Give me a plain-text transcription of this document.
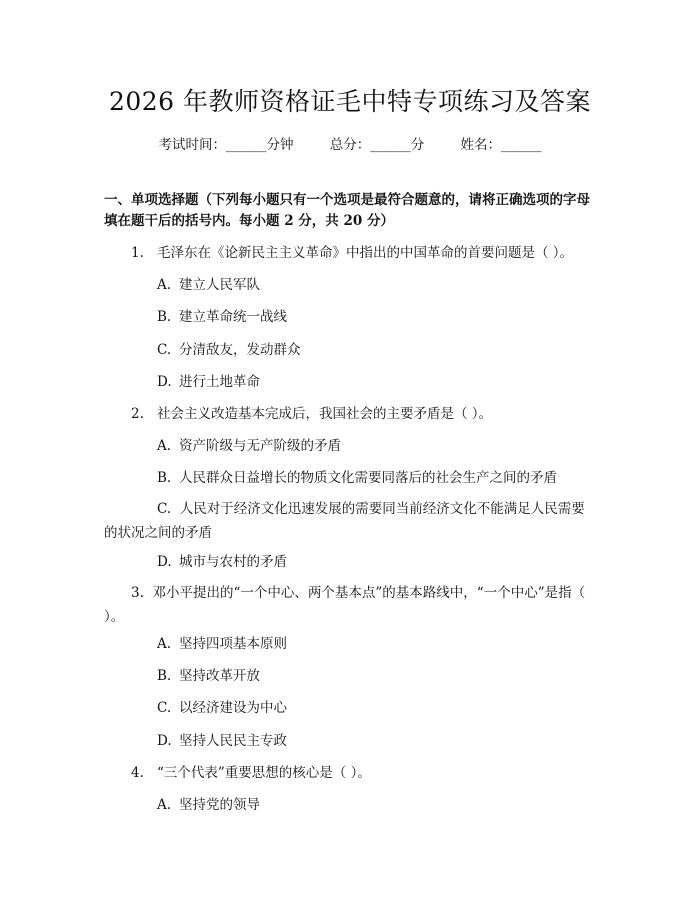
2026 年教师资格证毛中特专项练习及答案
考试时间：______分钟	总分：______分	姓名：______
一、单项选择题（下列每小题只有一个选项是最符合题意的，请将正确选项的字母填在题干后的括号内。每小题 2 分，共 20 分）
1. 毛泽东在《论新民主主义革命》中指出的中国革命的首要问题是（ ）。
A. 建立人民军队
B. 建立革命统一战线
C. 分清敌友，发动群众
D. 进行土地革命
2. 社会主义改造基本完成后，我国社会的主要矛盾是（ ）。
A. 资产阶级与无产阶级的矛盾
B. 人民群众日益增长的物质文化需要同落后的社会生产之间的矛盾
C. 人民对于经济文化迅速发展的需要同当前经济文化不能满足人民需要的状况之间的矛盾
D. 城市与农村的矛盾
3. 邓小平提出的“一个中心、两个基本点”的基本路线中，“一个中心”是指（ ）。
A. 坚持四项基本原则
B. 坚持改革开放
C. 以经济建设为中心
D. 坚持人民民主专政
4. “三个代表”重要思想的核心是（ ）。
A. 坚持党的领导
